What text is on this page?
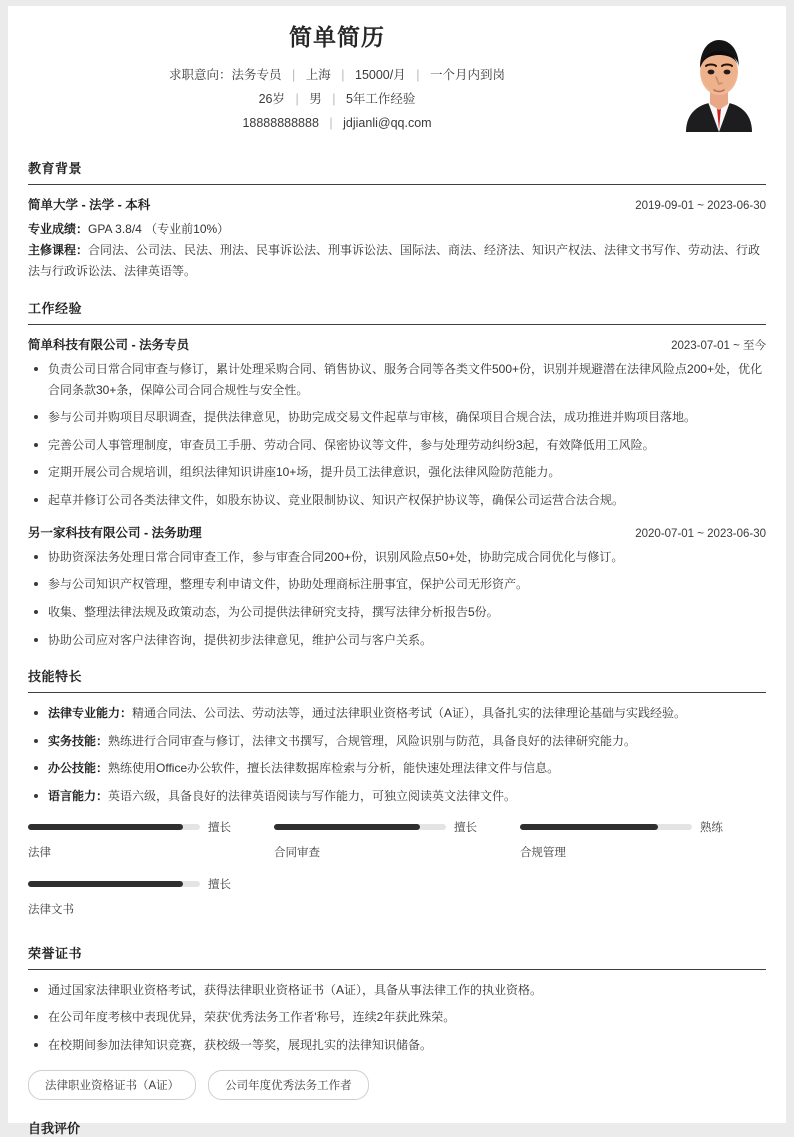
简单简历
求职意向：法务专员 | 上海 | 15000/月 | 一个月内到岗
26岁 | 男 | 5年工作经验
18888888888 | jdjianli@qq.com
教育背景
简单大学 - 法学 - 本科	2019-09-01 ~ 2023-06-30
专业成绩：GPA 3.8/4 （专业前10%）
主修课程：合同法、公司法、民法、刑法、民事诉讼法、刑事诉讼法、国际法、商法、经济法、知识产权法、法律文书写作、劳动法、行政法与行政诉讼法、法律英语等。
工作经验
简单科技有限公司 - 法务专员	2023-07-01 ~ 至今
负责公司日常合同审查与修订，累计处理采购合同、销售协议、服务合同等各类文件500+份，识别并规避潜在法律风险点200+处，优化合同条款30+条，保障公司合同合规性与安全性。
参与公司并购项目尽职调查，提供法律意见，协助完成交易文件起草与审核，确保项目合规合法，成功推进并购项目落地。
完善公司人事管理制度，审查员工手册、劳动合同、保密协议等文件，参与处理劳动纠纷3起，有效降低用工风险。
定期开展公司合规培训，组织法律知识讲座10+场，提升员工法律意识，强化法律风险防范能力。
起草并修订公司各类法律文件，如股东协议、竞业限制协议、知识产权保护协议等，确保公司运营合法合规。
另一家科技有限公司 - 法务助理	2020-07-01 ~ 2023-06-30
协助资深法务处理日常合同审查工作，参与审查合同200+份，识别风险点50+处，协助完成合同优化与修订。
参与公司知识产权管理，整理专利申请文件，协助处理商标注册事宜，保护公司无形资产。
收集、整理法律法规及政策动态，为公司提供法律研究支持，撰写法律分析报告5份。
协助公司应对客户法律咨询，提供初步法律意见，维护公司与客户关系。
技能特长
法律专业能力：精通合同法、公司法、劳动法等，通过法律职业资格考试（A证），具备扎实的法律理论基础与实践经验。
实务技能：熟练进行合同审查与修订，法律文书撰写，合规管理，风险识别与防范，具备良好的法律研究能力。
办公技能：熟练使用Office办公软件，擅长法律数据库检索与分析，能快速处理法律文件与信息。
语言能力：英语六级，具备良好的法律英语阅读与写作能力，可独立阅读英文法律文件。
擅长
法律
擅长
合同审查
熟练
合规管理
擅长
法律文书
荣誉证书
通过国家法律职业资格考试，获得法律职业资格证书（A证），具备从事法律工作的执业资格。
在公司年度考核中表现优异，荣获'优秀法务工作者'称号，连续2年获此殊荣。
在校期间参加法律知识竞赛，获校级一等奖，展现扎实的法律知识储备。
法律职业资格证书（A证）	公司年度优秀法务工作者
自我评价
